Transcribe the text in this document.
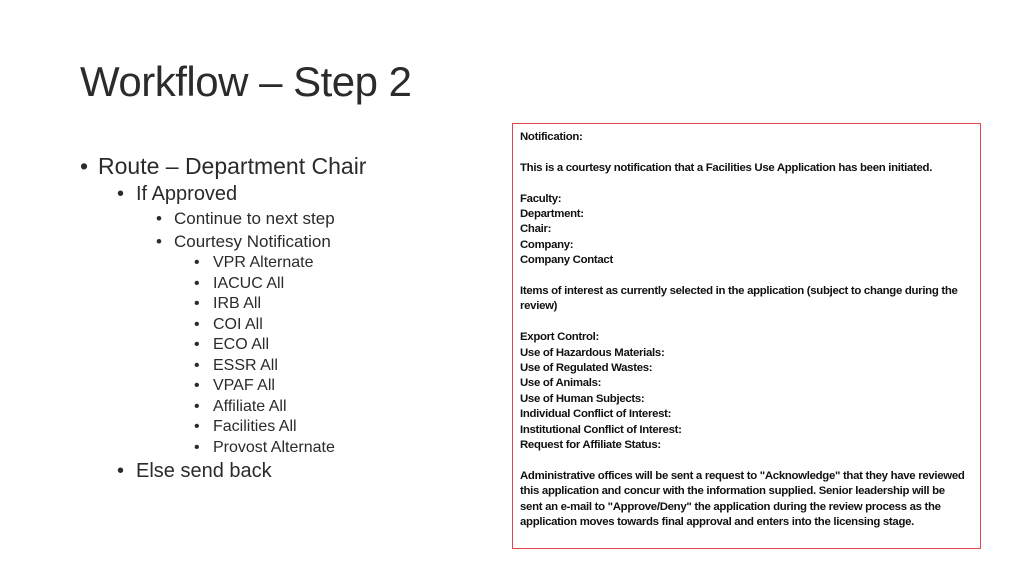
Workflow – Step 2
• Route – Department Chair
• If Approved
• Continue to next step
• Courtesy Notification
• VPR Alternate
• IACUC All
• IRB All
• COI All
• ECO All
• ESSR All
• VPAF All
• Affiliate All
• Facilities All
• Provost Alternate
• Else send back
Notification:
This is a courtesy notification that a Facilities Use Application has been initiated.
Faculty:
Department:
Chair:
Company:
Company Contact
Items of interest as currently selected in the application (subject to change during the review)
Export Control:
Use of Hazardous Materials:
Use of Regulated Wastes:
Use of Animals:
Use of Human Subjects:
Individual Conflict of Interest:
Institutional Conflict of Interest:
Request for Affiliate Status:
Administrative offices will be sent a request to "Acknowledge" that they have reviewed this application and concur with the information supplied. Senior leadership will be sent an e-mail to "Approve/Deny" the application during the review process as the application moves towards final approval and enters into the licensing stage.
